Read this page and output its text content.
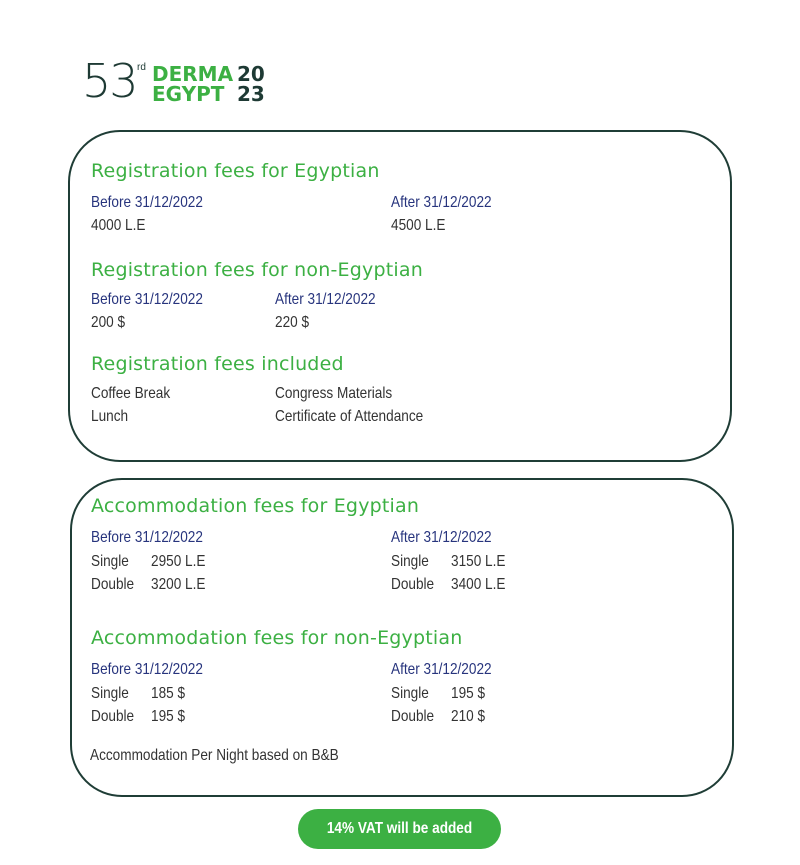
53 rd DERMA
EGYPT
20
23
Registration fees for Egyptian
Before 31/12/2022
4000 L.E
After 31/12/2022
4500 L.E
Registration fees for non-Egyptian
Before 31/12/2022
200 $
After 31/12/2022
220 $
Registration fees included
Coffee Break	Congress Materials
Lunch	Certificate of Attendance
Accommodation fees for Egyptian
Before 31/12/2022
Single 2950 L.E
Double 3200 L.E
After 31/12/2022
Single 3150 L.E
Double 3400 L.E
Accommodation fees for non-Egyptian
Before 31/12/2022
Single 185 $
Double 195 $
After 31/12/2022
Single 195 $
Double 210 $
Accommodation Per Night based on B&B
14% VAT will be added
